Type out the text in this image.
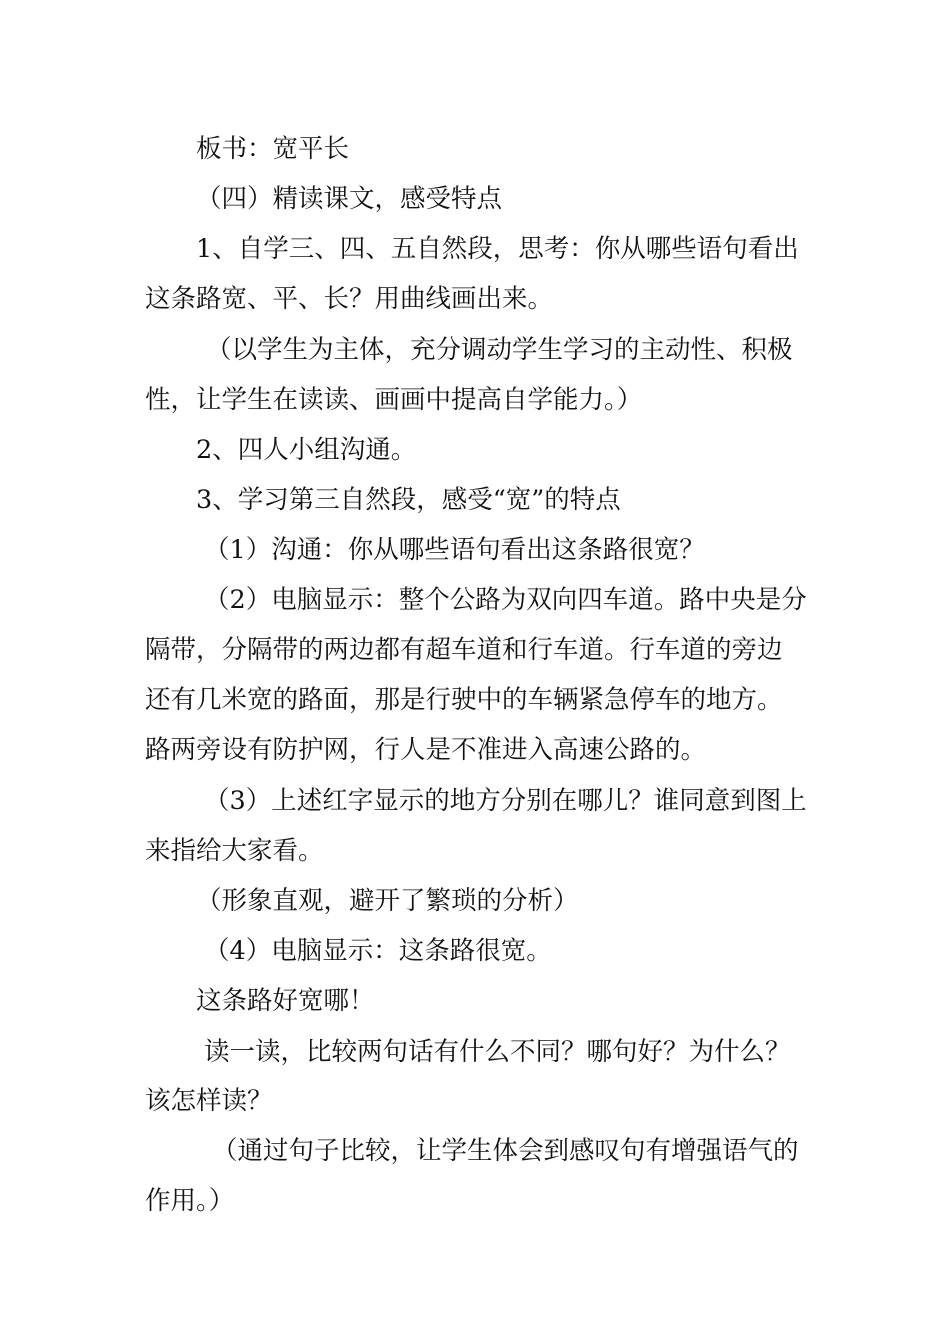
板书：宽平长
（四）精读课文，感受特点
1、自学三、四、五自然段，思考：你从哪些语句看出
这条路宽、平、长？用曲线画出来。
（以学生为主体，充分调动学生学习的主动性、积极
性，让学生在读读、画画中提高自学能力。）
2、四人小组沟通。
3、学习第三自然段，感受“宽”的特点
（1）沟通：你从哪些语句看出这条路很宽？
（2）电脑显示：整个公路为双向四车道。路中央是分
隔带，分隔带的两边都有超车道和行车道。行车道的旁边
还有几米宽的路面，那是行驶中的车辆紧急停车的地方。
路两旁设有防护网，行人是不准进入高速公路的。
（3）上述红字显示的地方分别在哪儿？谁同意到图上
来指给大家看。
（形象直观，避开了繁琐的分析）
（4）电脑显示：这条路很宽。
这条路好宽哪！
读一读，比较两句话有什么不同？哪句好？为什么？
该怎样读？
（通过句子比较，让学生体会到感叹句有增强语气的
作用。）
